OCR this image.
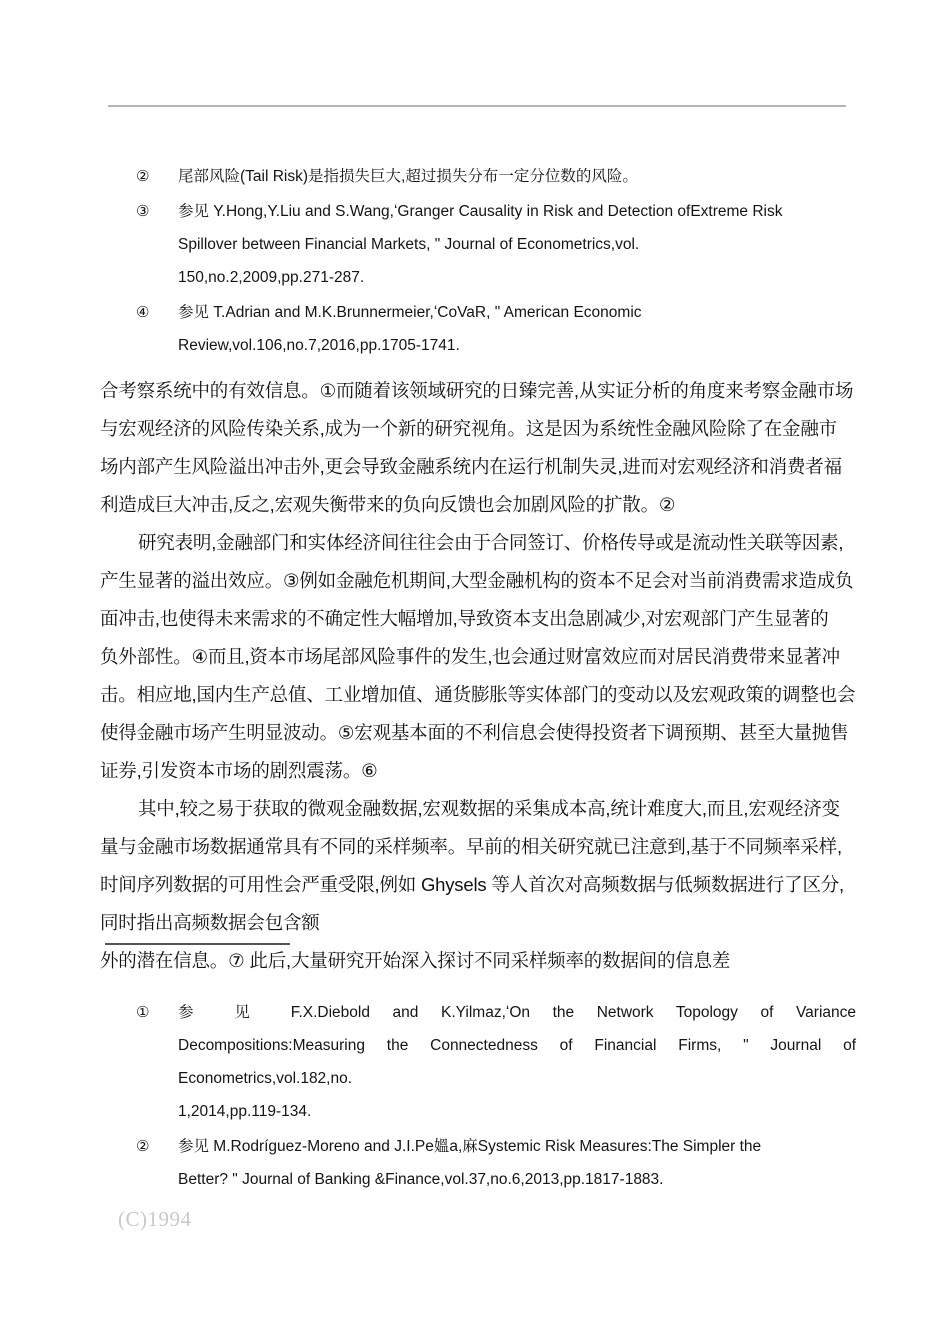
②	尾部风险(Tail Risk)是指损失巨大,超过损失分布一定分位数的风险。
③	参见 Y.Hong,Y.Liu and S.Wang,ʻGranger Causality in Risk and Detection ofExtreme Risk
Spillover between Financial Markets, " Journal of Econometrics,vol.
150,no.2,2009,pp.271-287.
④	参见 T.Adrian and M.K.Brunnermeier,ʻCoVaR, " American Economic
Review,vol.106,no.7,2016,pp.1705-1741.
合考察系统中的有效信息。①而随着该领域研究的日臻完善,从实证分析的角度来考察金融市场
与宏观经济的风险传染关系,成为一个新的研究视角。这是因为系统性金融风险除了在金融市
场内部产生风险溢出冲击外,更会导致金融系统内在运行机制失灵,进而对宏观经济和消费者福
利造成巨大冲击,反之,宏观失衡带来的负向反馈也会加剧风险的扩散。②
研究表明,金融部门和实体经济间往往会由于合同签订、价格传导或是流动性关联等因素,
产生显著的溢出效应。③例如金融危机期间,大型金融机构的资本不足会对当前消费需求造成负
面冲击,也使得未来需求的不确定性大幅增加,导致资本支出急剧减少,对宏观部门产生显著的
负外部性。④而且,资本市场尾部风险事件的发生,也会通过财富效应而对居民消费带来显著冲
击。相应地,国内生产总值、工业增加值、通货膨胀等实体部门的变动以及宏观政策的调整也会
使得金融市场产生明显波动。⑤宏观基本面的不利信息会使得投资者下调预期、甚至大量抛售
证券,引发资本市场的剧烈震荡。⑥
其中,较之易于获取的微观金融数据,宏观数据的采集成本高,统计难度大,而且,宏观经济变
量与金融市场数据通常具有不同的采样频率。早前的相关研究就已注意到,基于不同频率采样,
时间序列数据的可用性会严重受限,例如 Ghysels 等人首次对高频数据与低频数据进行了区分,
同时指出高频数据会包含额
外的潜在信息。⑦ 此后,大量研究开始深入探讨不同采样频率的数据间的信息差
①	参 见 F.X.Diebold and K.Yilmaz,ʻOn the Network Topology of Variance
Decompositions:Measuring the Connectedness of Financial Firms, " Journal of
Econometrics,vol.182,no.
1,2014,pp.119-134.
②	参见 M.Rodríguez-Moreno and J.I.Pe媼a,麻Systemic Risk Measures:The Simpler the
Better? " Journal of Banking &Finance,vol.37,no.6,2013,pp.1817-1883.
(C)1994
